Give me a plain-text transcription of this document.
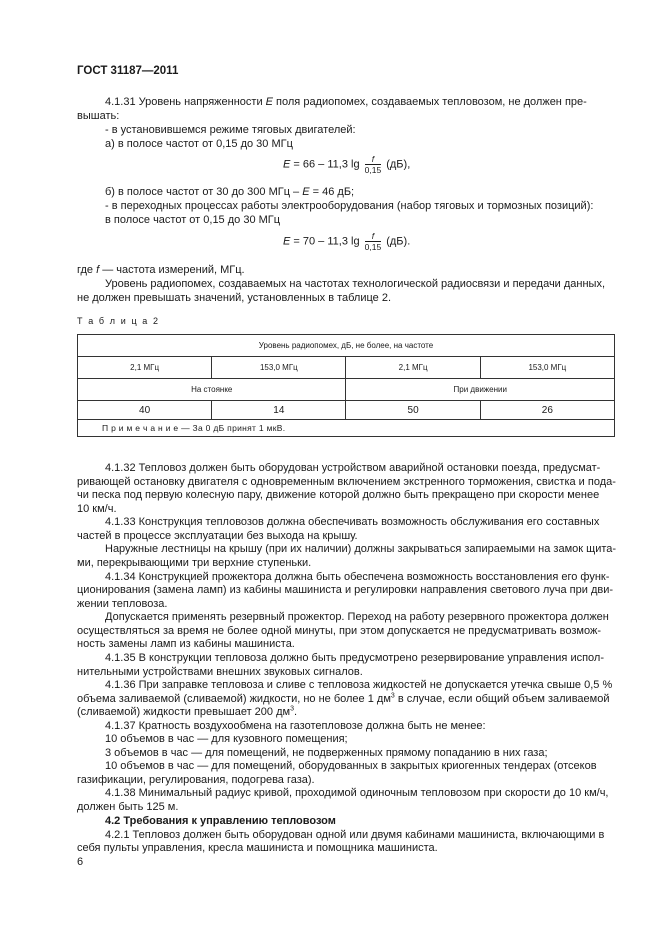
ГОСТ 31187—2011
4.1.31 Уровень напряженности E поля радиопомех, создаваемых тепловозом, не должен пре-
вышать:
- в установившемся режиме тяговых двигателей:
а) в полосе частот от 0,15 до 30 МГц
E = 66 – 11,3 $\lg \frac{f}{0,15} (дБ)$,
б) в полосе частот от 30 до 300 МГц – E = 46 дБ;
- в переходных процессах работы электрооборудования (набор тяговых и тормозных позиций):
в полосе частот от 0,15 до 30 МГц
E = 70 – 11,3 $\lg \frac{f}{0,15} (дБ)$.
где f — частота измерений, МГц.
Уровень радиопомех, создаваемых на частотах технологической радиосвязи и передачи данных,
не должен превышать значений, установленных в таблице 2.
Т а б л и ц а 2
Уровень радиопомех, дБ, не более, на частоте			
2,1 МГц	153,0 МГц	2,1 МГц	153,0 МГц
На стоянке		При движении	
40	14	50	26
П р и м е ч а н и е — За 0 дБ принят 1 мкВ.			
4.1.32 Тепловоз должен быть оборудован устройством аварийной остановки поезда, предусмат-
ривающей остановку двигателя с одновременным включением экстренного торможения, свистка и пода-
чи песка под первую колесную пару, движение которой должно быть прекращено при скорости менее
10 км/ч.
4.1.33 Конструкция тепловозов должна обеспечивать возможность обслуживания его составных
частей в процессе эксплуатации без выхода на крышу.
Наружные лестницы на крышу (при их наличии) должны закрываться запираемыми на замок щита-
ми, перекрывающими три верхние ступеньки.
4.1.34 Конструкцией прожектора должна быть обеспечена возможность восстановления его функ-
ционирования (замена ламп) из кабины машиниста и регулировки направления светового луча при дви-
жении тепловоза.
Допускается применять резервный прожектор. Переход на работу резервного прожектора должен
осуществляться за время не более одной минуты, при этом допускается не предусматривать возмож-
ность замены ламп из кабины машиниста.
4.1.35 В конструкции тепловоза должно быть предусмотрено резервирование управления испол-
нительными устройствами внешних звуковых сигналов.
4.1.36 При заправке тепловоза и сливе с тепловоза жидкостей не допускается утечка свыше 0,5 %
объема заливаемой (сливаемой) жидкости, но не более 1 $дм^3$ в случае, если общий объем заливаемой
(сливаемой) жидкости превышает 200 $дм^3$.
4.1.37 Кратность воздухообмена на газотепловозе должна быть не менее:
10 объемов в час — для кузовного помещения;
3 объемов в час — для помещений, не подверженных прямому попаданию в них газа;
10 объемов в час — для помещений, оборудованных в закрытых криогенных тендерах (отсеков
газификации, регулирования, подогрева газа).
4.1.38 Минимальный радиус кривой, проходимой одиночным тепловозом при скорости до 10 км/ч,
должен быть 125 м.
4.2 Требования к управлению тепловозом
4.2.1 Тепловоз должен быть оборудован одной или двумя кабинами машиниста, включающими в
себя пульты управления, кресла машиниста и помощника машиниста.
6
